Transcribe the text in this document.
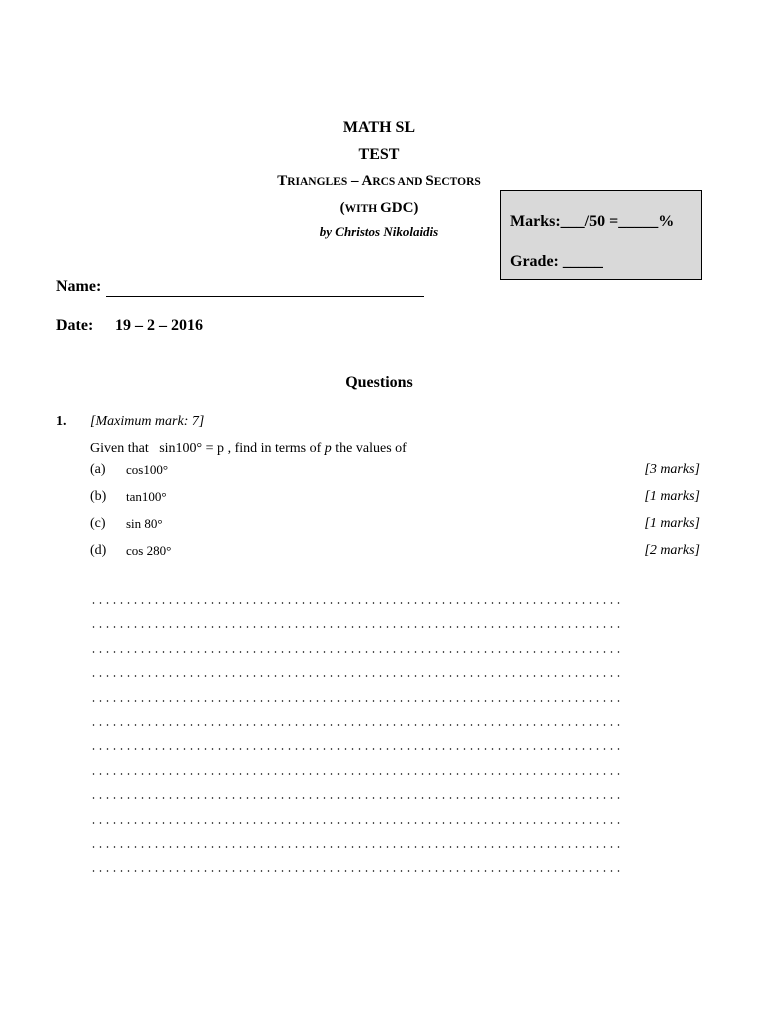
MATH SL
TEST
TRIANGLES – ARCS AND SECTORS
(WITH GDC)
by Christos Nikolaidis
Marks:___/50 =_____%
Grade: _____
Name:
Date: 19 – 2 – 2016
Questions
1. [Maximum mark: 7]
Given that sin100° = p , find in terms of p the values of
(a) cos100°	[3 marks]
(b) tan100°	[1 marks]
(c) sin 80°	[1 marks]
(d) cos 280°	[2 marks]
